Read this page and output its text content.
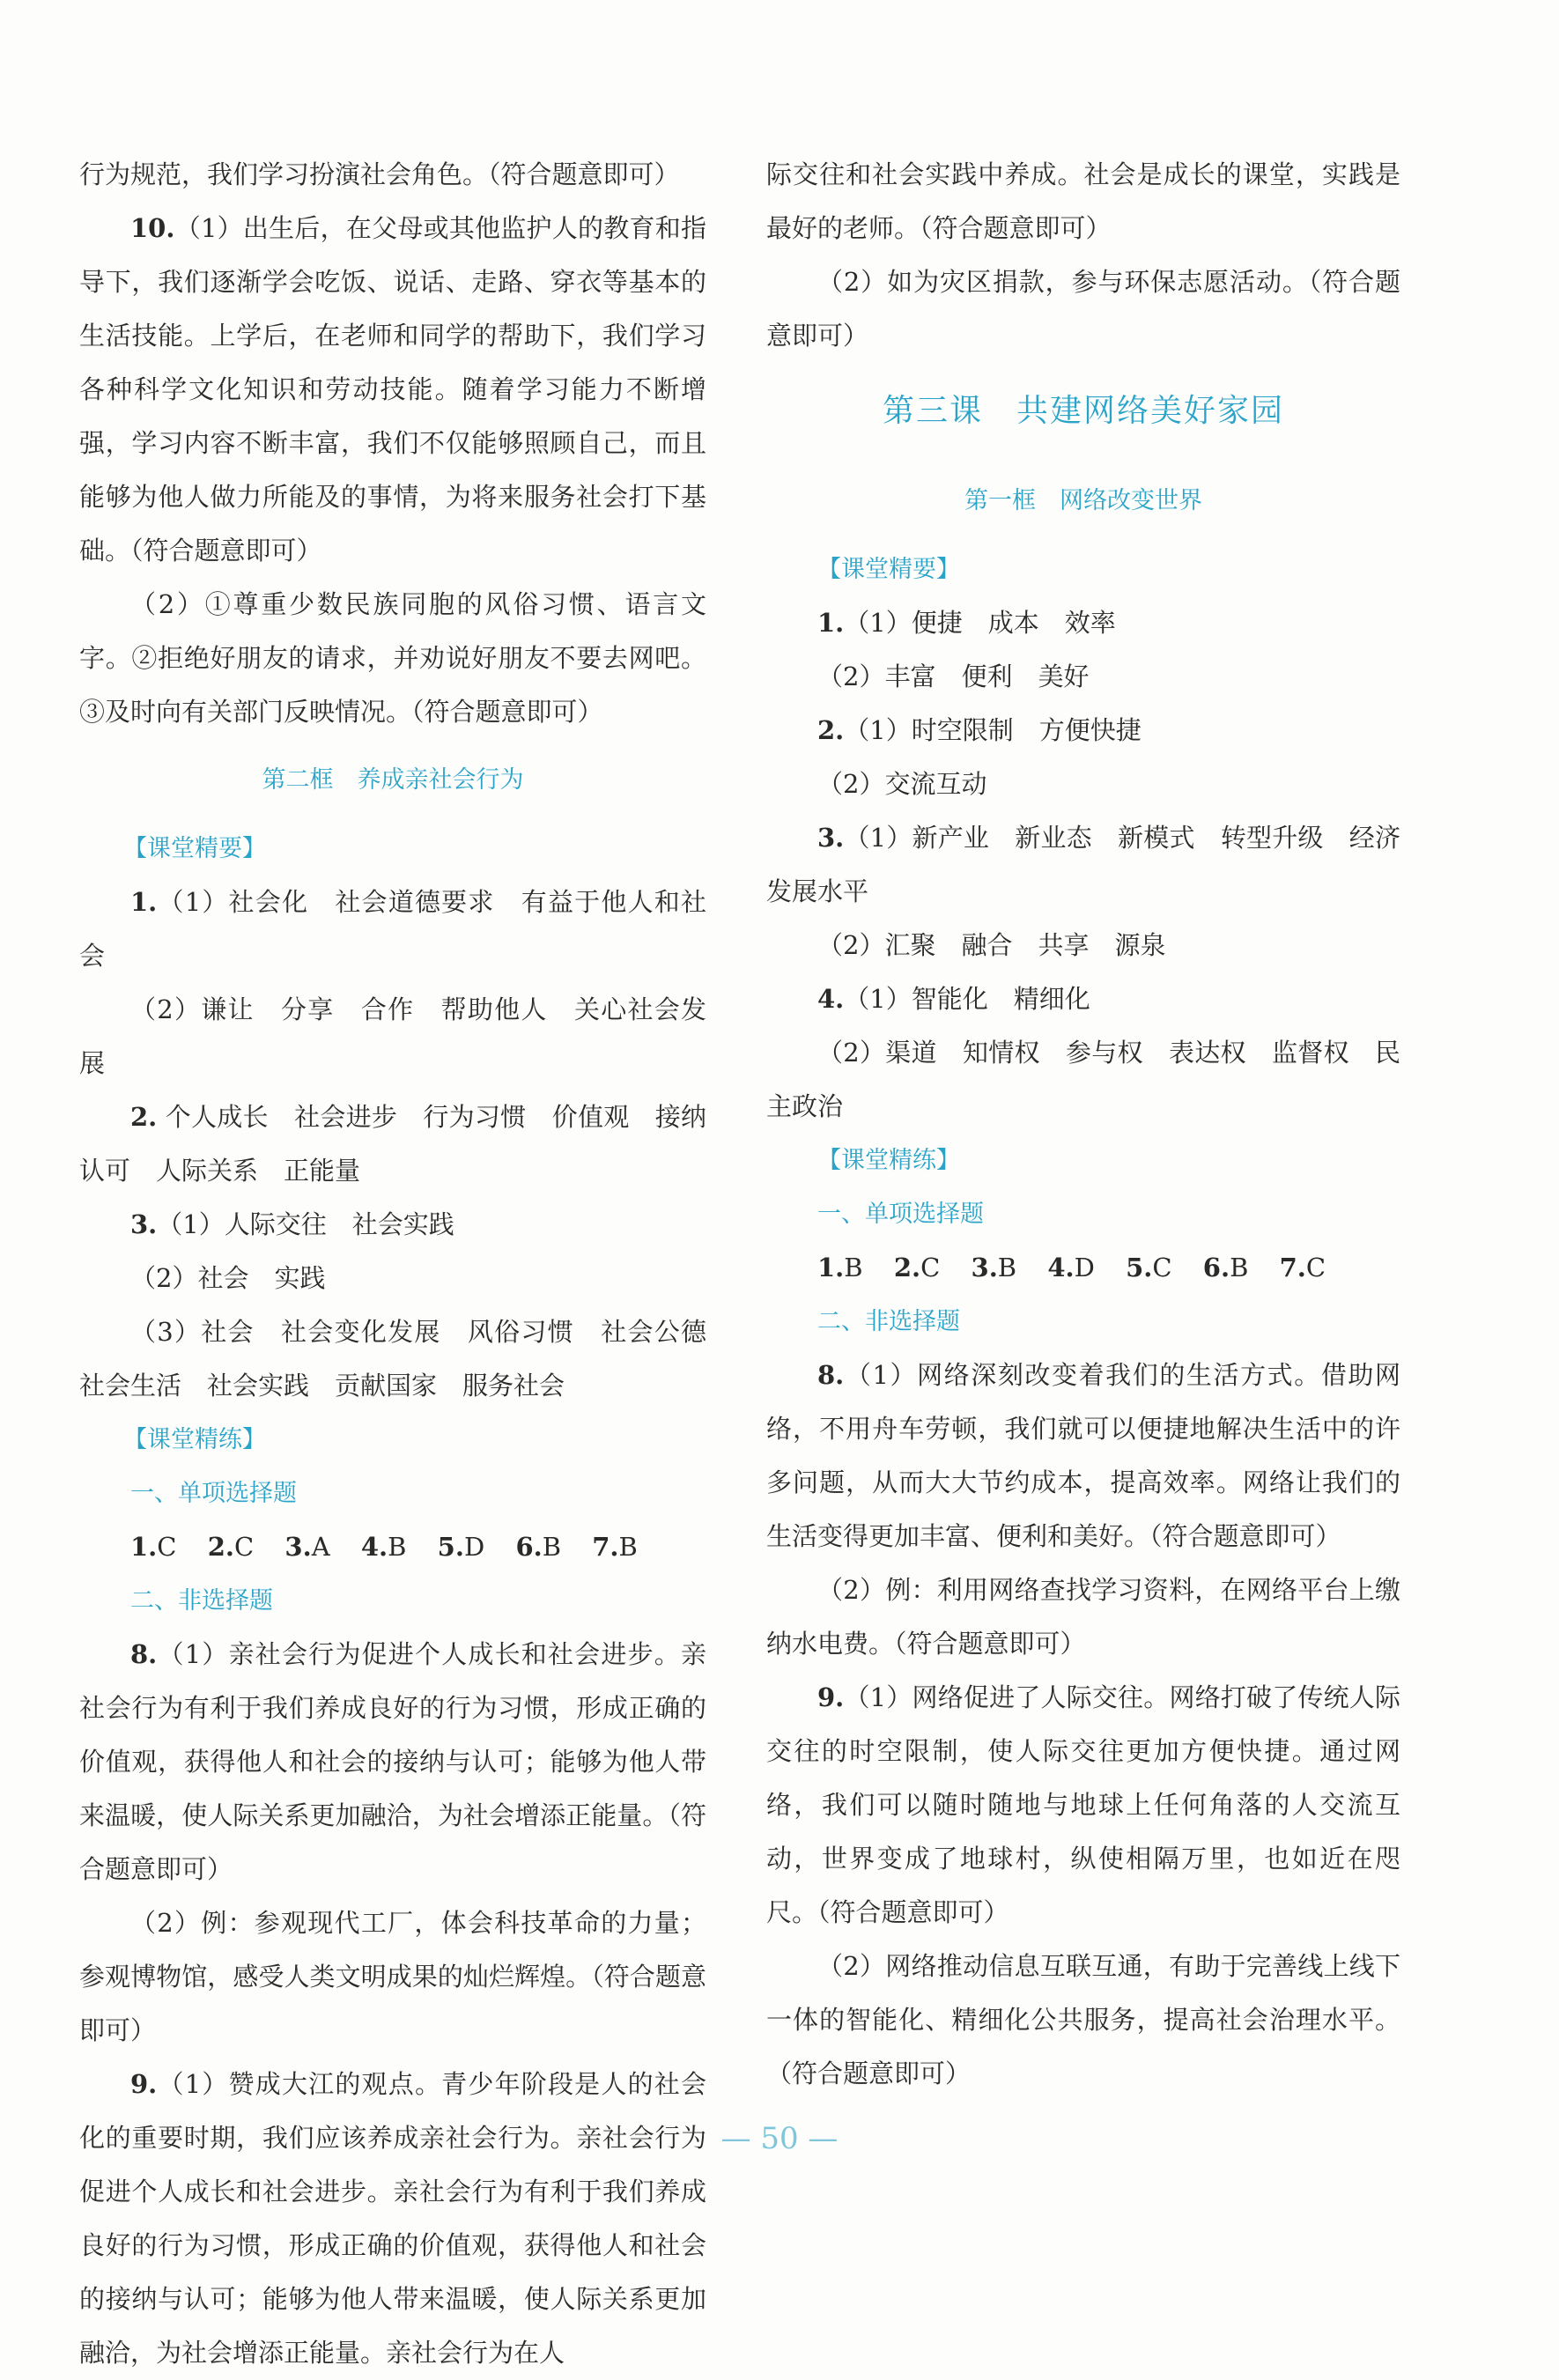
行为规范，我们学习扮演社会角色。（符合题意即可）

10.（1）出生后，在父母或其他监护人的教育和指导下，我们逐渐学会吃饭、说话、走路、穿衣等基本的生活技能。上学后，在老师和同学的帮助下，我们学习各种科学文化知识和劳动技能。随着学习能力不断增强，学习内容不断丰富，我们不仅能够照顾自己，而且能够为他人做力所能及的事情，为将来服务社会打下基础。（符合题意即可）

（2）①尊重少数民族同胞的风俗习惯、语言文字。②拒绝好朋友的请求，并劝说好朋友不要去网吧。③及时向有关部门反映情况。（符合题意即可）

第二框　养成亲社会行为

【课堂精要】

1.（1）社会化　社会道德要求　有益于他人和社会

（2）谦让　分享　合作　帮助他人　关心社会发展

2. 个人成长　社会进步　行为习惯　价值观　接纳　认可　人际关系　正能量

3.（1）人际交往　社会实践

（2）社会　实践

（3）社会　社会变化发展　风俗习惯　社会公德　社会生活　社会实践　贡献国家　服务社会

【课堂精练】

一、单项选择题

1.C 2.C 3.A 4.B 5.D 6.B 7.B

二、非选择题

8.（1）亲社会行为促进个人成长和社会进步。亲社会行为有利于我们养成良好的行为习惯，形成正确的价值观，获得他人和社会的接纳与认可；能够为他人带来温暖，使人际关系更加融洽，为社会增添正能量。（符合题意即可）

（2）例：参观现代工厂，体会科技革命的力量；参观博物馆，感受人类文明成果的灿烂辉煌。（符合题意即可）

9.（1）赞成大江的观点。青少年阶段是人的社会化的重要时期，我们应该养成亲社会行为。亲社会行为促进个人成长和社会进步。亲社会行为有利于我们养成良好的行为习惯，形成正确的价值观，获得他人和社会的接纳与认可；能够为他人带来温暖，使人际关系更加融洽，为社会增添正能量。亲社会行为在人

际交往和社会实践中养成。社会是成长的课堂，实践是最好的老师。（符合题意即可）

（2）如为灾区捐款，参与环保志愿活动。（符合题意即可）

第三课　共建网络美好家园

第一框　网络改变世界

【课堂精要】

1.（1）便捷　成本　效率

（2）丰富　便利　美好

2.（1）时空限制　方便快捷

（2）交流互动

3.（1）新产业　新业态　新模式　转型升级　经济发展水平

（2）汇聚　融合　共享　源泉

4.（1）智能化　精细化

（2）渠道　知情权　参与权　表达权　监督权　民主政治

【课堂精练】

一、单项选择题

1.B 2.C 3.B 4.D 5.C 6.B 7.C

二、非选择题

8.（1）网络深刻改变着我们的生活方式。借助网络，不用舟车劳顿，我们就可以便捷地解决生活中的许多问题，从而大大节约成本，提高效率。网络让我们的生活变得更加丰富、便利和美好。（符合题意即可）

（2）例：利用网络查找学习资料，在网络平台上缴纳水电费。（符合题意即可）

9.（1）网络促进了人际交往。网络打破了传统人际交往的时空限制，使人际交往更加方便快捷。通过网络，我们可以随时随地与地球上任何角落的人交流互动，世界变成了地球村，纵使相隔万里，也如近在咫尺。（符合题意即可）

（2）网络推动信息互联互通，有助于完善线上线下一体的智能化、精细化公共服务，提高社会治理水平。（符合题意即可）

— 50 —
